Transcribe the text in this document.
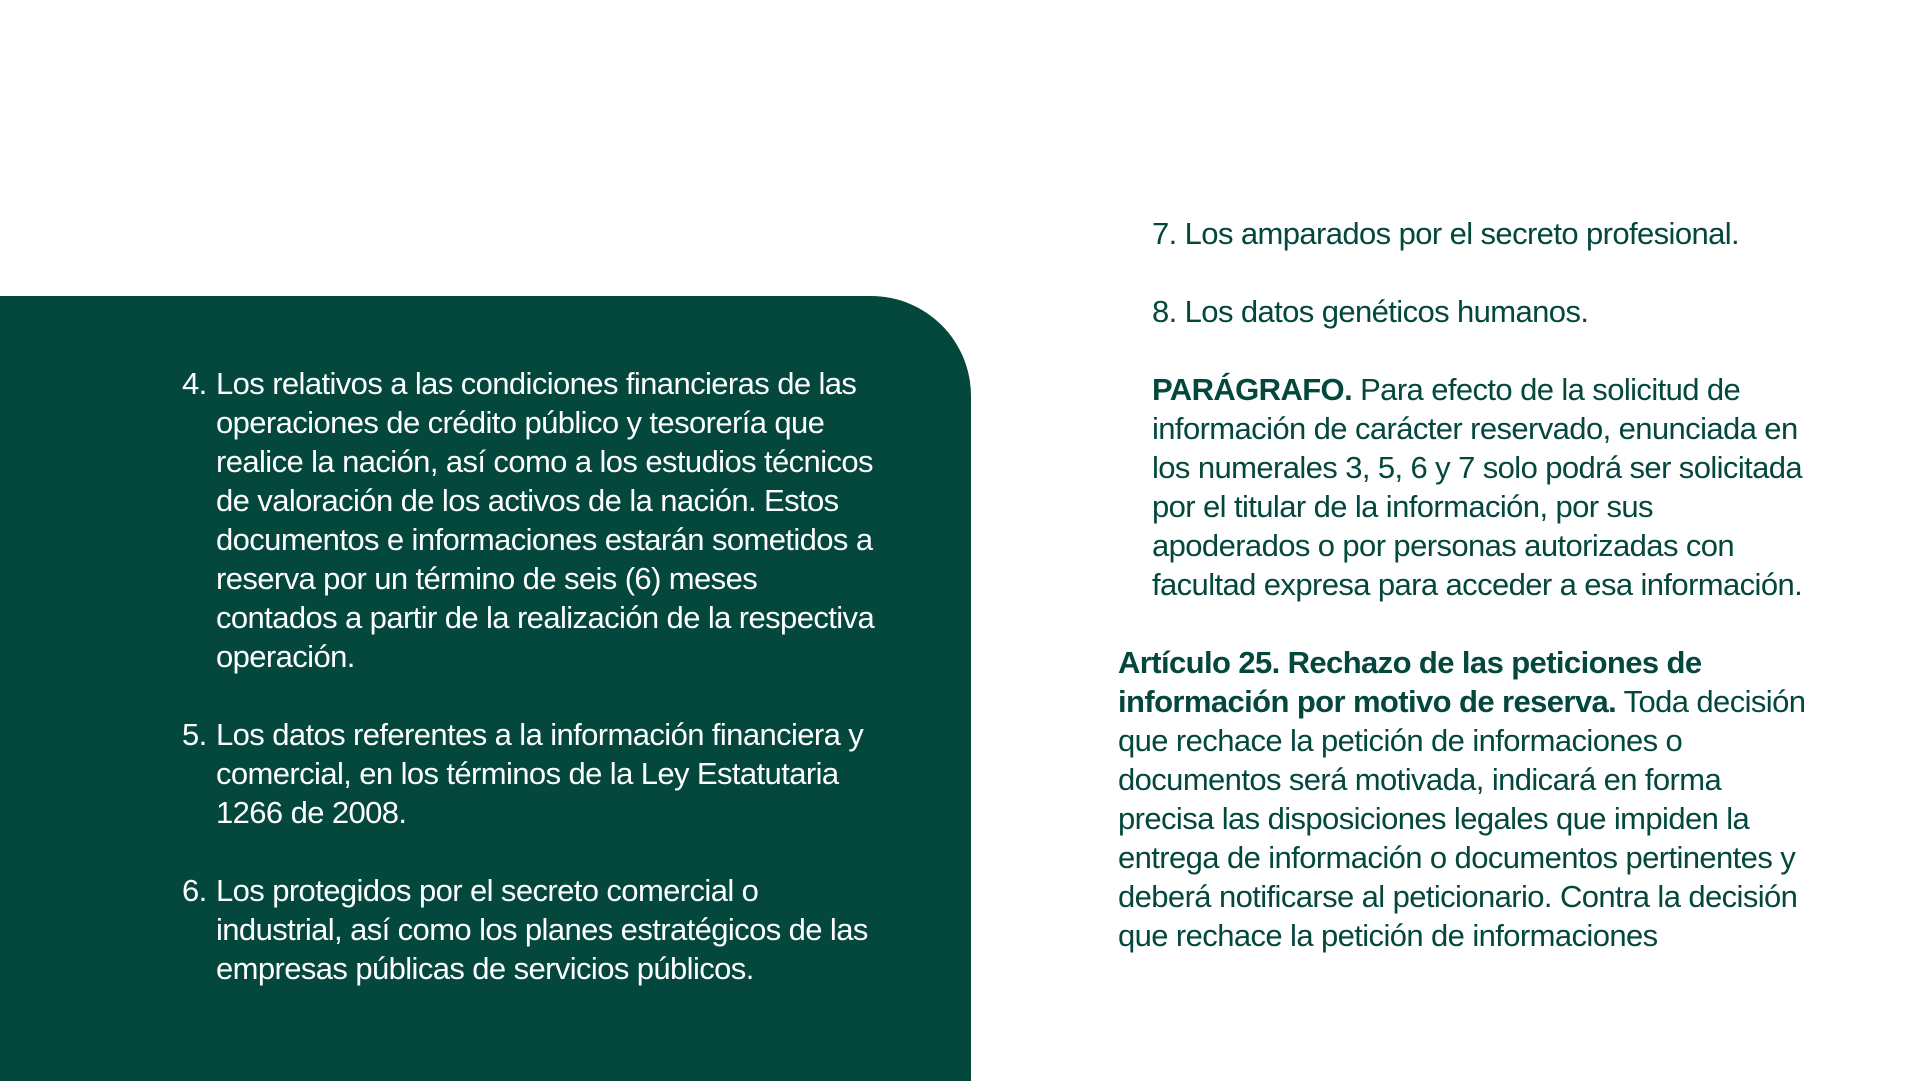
4. Los relativos a las condiciones financieras de las operaciones de crédito público y tesorería que realice la nación, así como a los estudios técnicos de valoración de los activos de la nación. Estos documentos e informaciones estarán sometidos a reserva por un término de seis (6) meses contados a partir de la realización de la respectiva operación.
5. Los datos referentes a la información financiera y comercial, en los términos de la Ley Estatutaria 1266 de 2008.
6. Los protegidos por el secreto comercial o industrial, así como los planes estratégicos de las empresas públicas de servicios públicos.
7. Los amparados por el secreto profesional.
8. Los datos genéticos humanos.
PARÁGRAFO. Para efecto de la solicitud de información de carácter reservado, enunciada en los numerales 3, 5, 6 y 7 solo podrá ser solicitada por el titular de la información, por sus apoderados o por personas autorizadas con facultad expresa para acceder a esa información.
Artículo 25. Rechazo de las peticiones de información por motivo de reserva. Toda decisión que rechace la petición de informaciones o documentos será motivada, indicará en forma precisa las disposiciones legales que impiden la entrega de información o documentos pertinentes y deberá notificarse al peticionario. Contra la decisión que rechace la petición de informaciones
